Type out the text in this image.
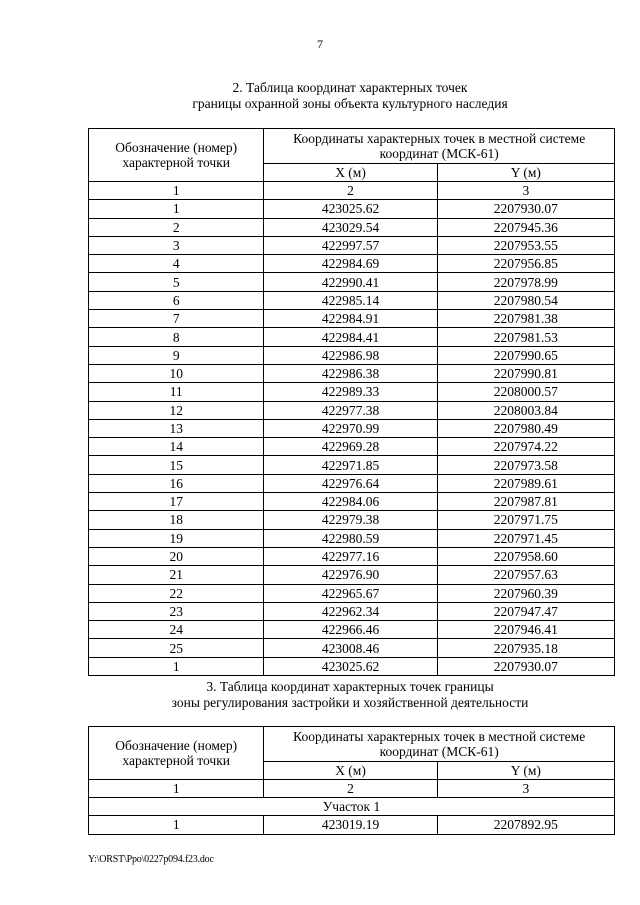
7
2. Таблица координат характерных точек
границы охранной зоны объекта культурного наследия
Обозначение (номер) характерной точки	Координаты характерных точек в местной системе координат (МСК-61)	
	X (м)	Y (м)
1	2	3
1	423025.62	2207930.07
2	423029.54	2207945.36
3	422997.57	2207953.55
4	422984.69	2207956.85
5	422990.41	2207978.99
6	422985.14	2207980.54
7	422984.91	2207981.38
8	422984.41	2207981.53
9	422986.98	2207990.65
10	422986.38	2207990.81
11	422989.33	2208000.57
12	422977.38	2208003.84
13	422970.99	2207980.49
14	422969.28	2207974.22
15	422971.85	2207973.58
16	422976.64	2207989.61
17	422984.06	2207987.81
18	422979.38	2207971.75
19	422980.59	2207971.45
20	422977.16	2207958.60
21	422976.90	2207957.63
22	422965.67	2207960.39
23	422962.34	2207947.47
24	422966.46	2207946.41
25	423008.46	2207935.18
1	423025.62	2207930.07
3. Таблица координат характерных точек границы
зоны регулирования застройки и хозяйственной деятельности
Обозначение (номер) характерной точки	Координаты характерных точек в местной системе координат (МСК-61)	
	X (м)	Y (м)
1	2	3
Участок 1		
1	423019.19	2207892.95
Y:\ORST\Ppo\0227p094.f23.doc
